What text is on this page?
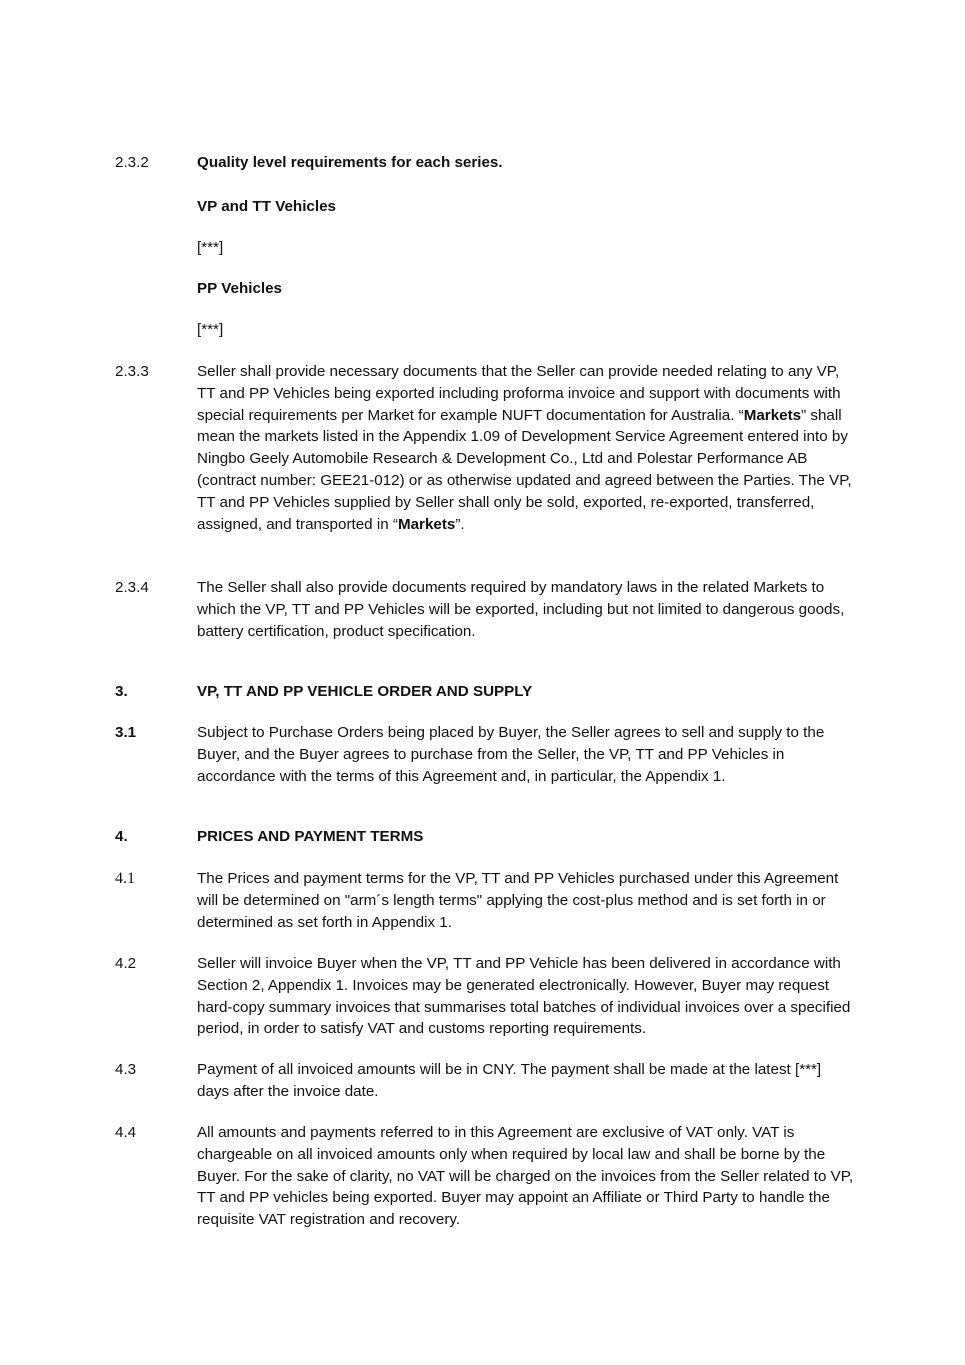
2.3.2	Quality level requirements for each series.
VP and TT Vehicles
[***]
PP Vehicles
[***]
2.3.3	Seller shall provide necessary documents that the Seller can provide needed relating to any VP, TT and PP Vehicles being exported including proforma invoice and support with documents with special requirements per Market for example NUFT documentation for Australia. “Markets” shall mean the markets listed in the Appendix 1.09 of Development Service Agreement entered into by Ningbo Geely Automobile Research & Development Co., Ltd and Polestar Performance AB (contract number: GEE21-012) or as otherwise updated and agreed between the Parties. The VP, TT and PP Vehicles supplied by Seller shall only be sold, exported, re-exported, transferred, assigned, and transported in “Markets”.
2.3.4	The Seller shall also provide documents required by mandatory laws in the related Markets to which the VP, TT and PP Vehicles will be exported, including but not limited to dangerous goods, battery certification, product specification.
3.	VP, TT AND PP VEHICLE ORDER AND SUPPLY
3.1	Subject to Purchase Orders being placed by Buyer, the Seller agrees to sell and supply to the Buyer, and the Buyer agrees to purchase from the Seller, the VP, TT and PP Vehicles in accordance with the terms of this Agreement and, in particular, the Appendix 1.
4.	PRICES AND PAYMENT TERMS
4.1	The Prices and payment terms for the VP, TT and PP Vehicles purchased under this Agreement will be determined on "arm´s length terms" applying the cost-plus method and is set forth in or determined as set forth in Appendix 1.
4.2	Seller will invoice Buyer when the VP, TT and PP Vehicle has been delivered in accordance with Section 2, Appendix 1. Invoices may be generated electronically. However, Buyer may request hard-copy summary invoices that summarises total batches of individual invoices over a specified period, in order to satisfy VAT and customs reporting requirements.
4.3	Payment of all invoiced amounts will be in CNY. The payment shall be made at the latest [***] days after the invoice date.
4.4	All amounts and payments referred to in this Agreement are exclusive of VAT only. VAT is chargeable on all invoiced amounts only when required by local law and shall be borne by the Buyer. For the sake of clarity, no VAT will be charged on the invoices from the Seller related to VP, TT and PP vehicles being exported. Buyer may appoint an Affiliate or Third Party to handle the requisite VAT registration and recovery.
